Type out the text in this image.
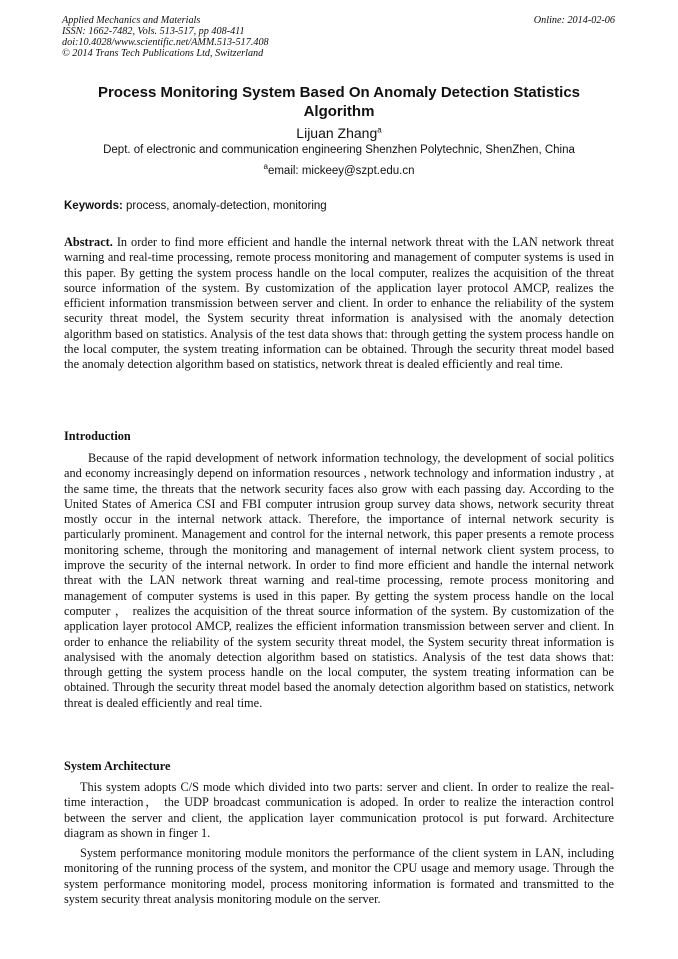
Applied Mechanics and Materials
ISSN: 1662-7482, Vols. 513-517, pp 408-411
doi:10.4028/www.scientific.net/AMM.513-517.408
© 2014 Trans Tech Publications Ltd, Switzerland
Online: 2014-02-06
Process Monitoring System Based On Anomaly Detection Statistics Algorithm
Lijuan Zhang$^a$
Dept. of electronic and communication engineering Shenzhen Polytechnic, ShenZhen, China
$^a$email: mickeey@szpt.edu.cn
Keywords: process, anomaly-detection, monitoring
Abstract. In order to find more efficient and handle the internal network threat with the LAN network threat warning and real-time processing, remote process monitoring and management of computer systems is used in this paper. By getting the system process handle on the local computer, realizes the acquisition of the threat source information of the system. By customization of the application layer protocol AMCP, realizes the efficient information transmission between server and client. In order to enhance the reliability of the system security threat model, the System security threat information is analysised with the anomaly detection algorithm based on statistics. Analysis of the test data shows that: through getting the system process handle on the local computer, the system treating information can be obtained. Through the security threat model based the anomaly detection algorithm based on statistics, network threat is dealed efficiently and real time.
Introduction
Because of the rapid development of network information technology, the development of social politics and economy increasingly depend on information resources , network technology and information industry , at the same time, the threats that the network security faces also grow with each passing day. According to the United States of America CSI and FBI computer intrusion group survey data shows, network security threat mostly occur in the internal network attack. Therefore, the importance of internal network security is particularly prominent. Management and control for the internal network, this paper presents a remote process monitoring scheme, through the monitoring and management of internal network client system process, to improve the security of the internal network. In order to find more efficient and handle the internal network threat with the LAN network threat warning and real-time processing, remote process monitoring and management of computer systems is used in this paper. By getting the system process handle on the local computer ， realizes the acquisition of the threat source information of the system. By customization of the application layer protocol AMCP, realizes the efficient information transmission between server and client. In order to enhance the reliability of the system security threat model, the System security threat information is analysised with the anomaly detection algorithm based on statistics. Analysis of the test data shows that: through getting the system process handle on the local computer, the system treating information can be obtained. Through the security threat model based the anomaly detection algorithm based on statistics, network threat is dealed efficiently and real time.
System Architecture
This system adopts C/S mode which divided into two parts: server and client. In order to realize the real-time interaction， the UDP broadcast communication is adoped. In order to realize the interaction control between the server and client, the application layer communication protocol is put forward. Architecture diagram as shown in finger 1.
System performance monitoring module monitors the performance of the client system in LAN, including monitoring of the running process of the system, and monitor the CPU usage and memory usage. Through the system performance monitoring model, process monitoring information is formated and transmitted to the system security threat analysis monitoring module on the server.
